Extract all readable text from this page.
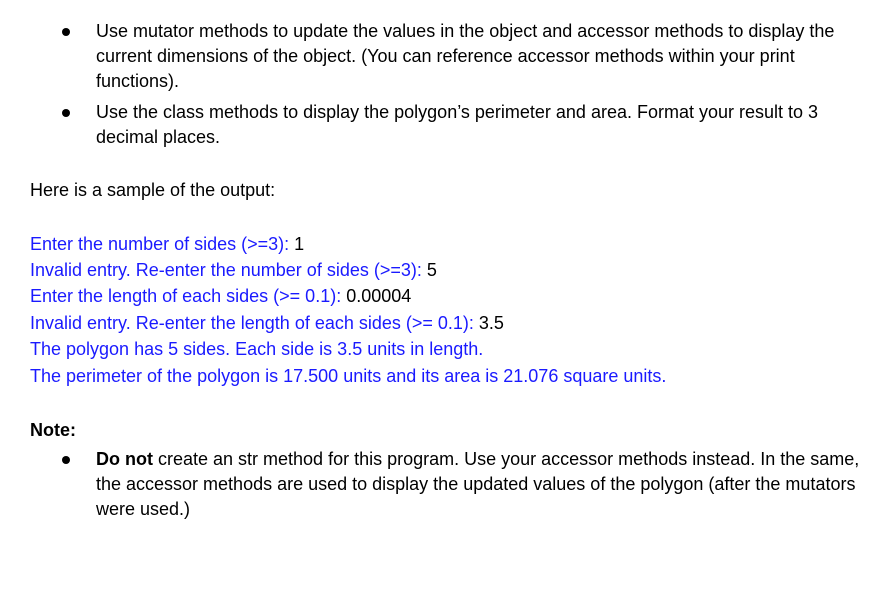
Use mutator methods to update the values in the object and accessor methods to display the current dimensions of the object. (You can reference accessor methods within your print functions).
Use the class methods to display the polygon’s perimeter and area. Format your result to 3 decimal places.
Here is a sample of the output:
Enter the number of sides (>=3): 1
Invalid entry. Re-enter the number of sides (>=3): 5
Enter the length of each sides (>= 0.1): 0.00004
Invalid entry. Re-enter the length of each sides (>= 0.1): 3.5
The polygon has 5 sides. Each side is 3.5 units in length.
The perimeter of the polygon is 17.500 units and its area is 21.076 square units.
Note:
Do not create an str method for this program. Use your accessor methods instead. In the same, the accessor methods are used to display the updated values of the polygon (after the mutators were used.)
